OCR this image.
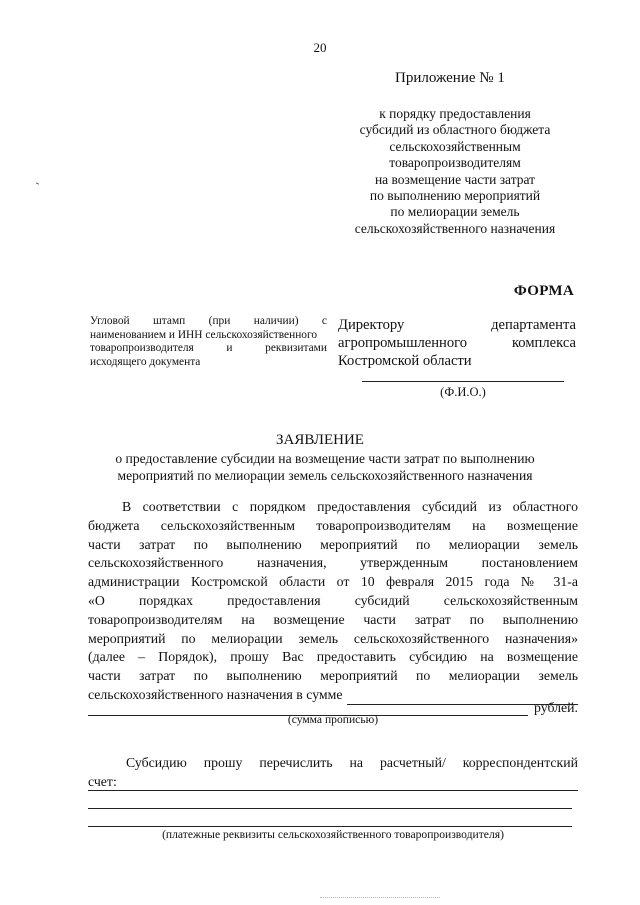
20
Приложение № 1
к порядку предоставления
субсидий из областного бюджета
сельскохозяйственным
товаропроизводителям
на возмещение части затрат
по выполнению мероприятий
по мелиорации земель
сельскохозяйственного назначения
ФОРМА
Угловой штамп (при наличии) с
наименованием и ИНН сельскохозяйственного
товаропроизводителя	и	реквизитами
исходящего документа
Директору	департамента
агропромышленного	комплекса
Костромской области
(Ф.И.О.)
ЗАЯВЛЕНИЕ
о предоставление субсидии на возмещение части затрат по выполнению
мероприятий по мелиорации земель сельскохозяйственного назначения
В соответствии с порядком предоставления субсидий из областного
бюджета сельскохозяйственным товаропроизводителям на возмещение
части затрат по выполнению мероприятий по мелиорации земель
сельскохозяйственного назначения, утвержденным постановлением
администрации Костромской области от 10 февраля 2015 года № 31-а
«О порядках предоставления субсидий сельскохозяйственным
товаропроизводителям на возмещение части затрат по выполнению
мероприятий по мелиорации земель сельскохозяйственного назначения»
(далее – Порядок), прошу Вас предоставить субсидию на возмещение
части затрат по выполнению мероприятий по мелиорации земель
сельскохозяйственного назначения в сумме
рублей.
(сумма прописью)
Субсидию прошу перечислить на расчетный/ корреспондентский
счет:
(платежные реквизиты сельскохозяйственного товаропроизводителя)
